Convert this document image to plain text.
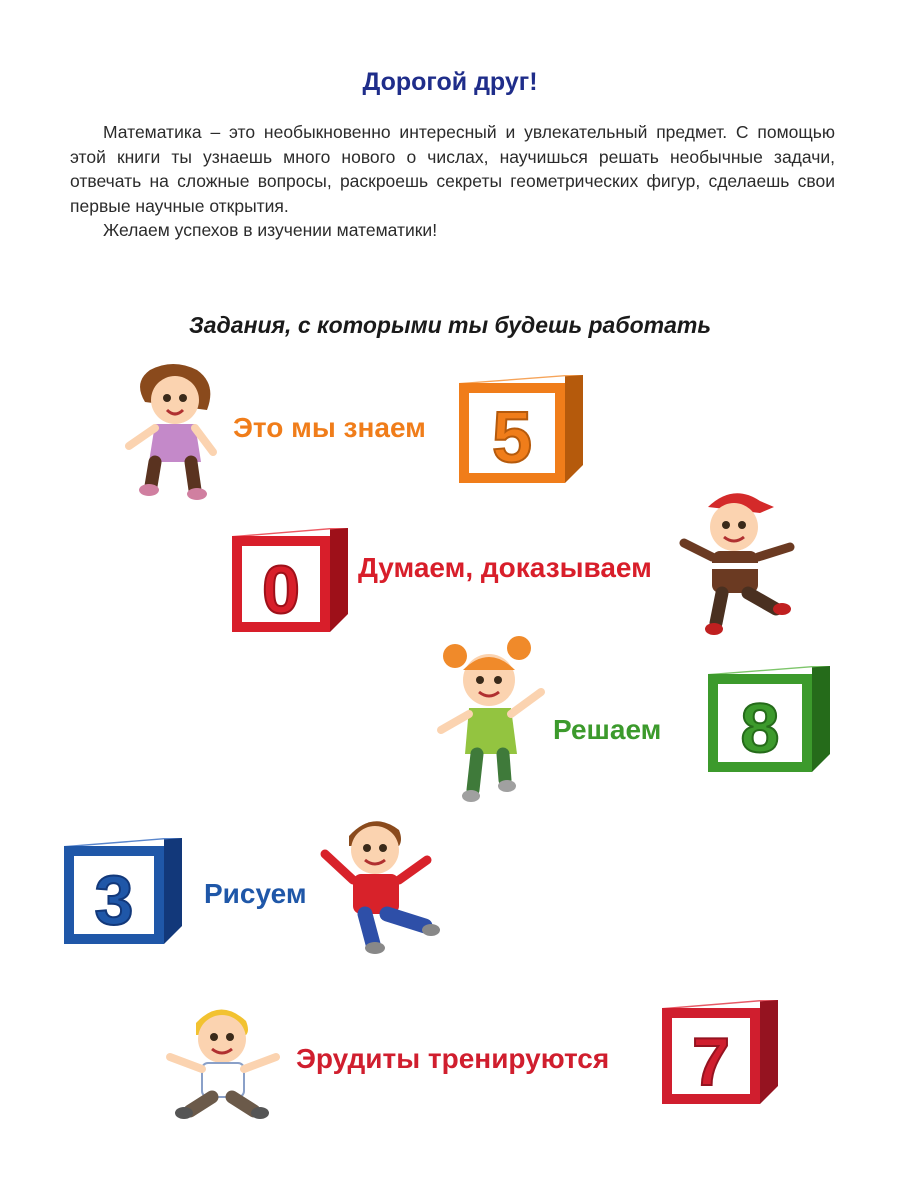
Дорогой друг!

Математика – это необыкновенно интересный и увлекательный предмет. С помощью этой книги ты узнаешь много нового о числах, научишься решать необычные задачи, отвечать на сложные вопросы, раскроешь секреты геометрических фигур, сделаешь свои первые научные открытия.

Желаем успехов в изучении математики!

Задания, с которыми ты будешь работать
Это мы знаем 5
0 Думаем, доказываем
Решаем 8
3	Рисуем
Эрудиты тренируются 7
